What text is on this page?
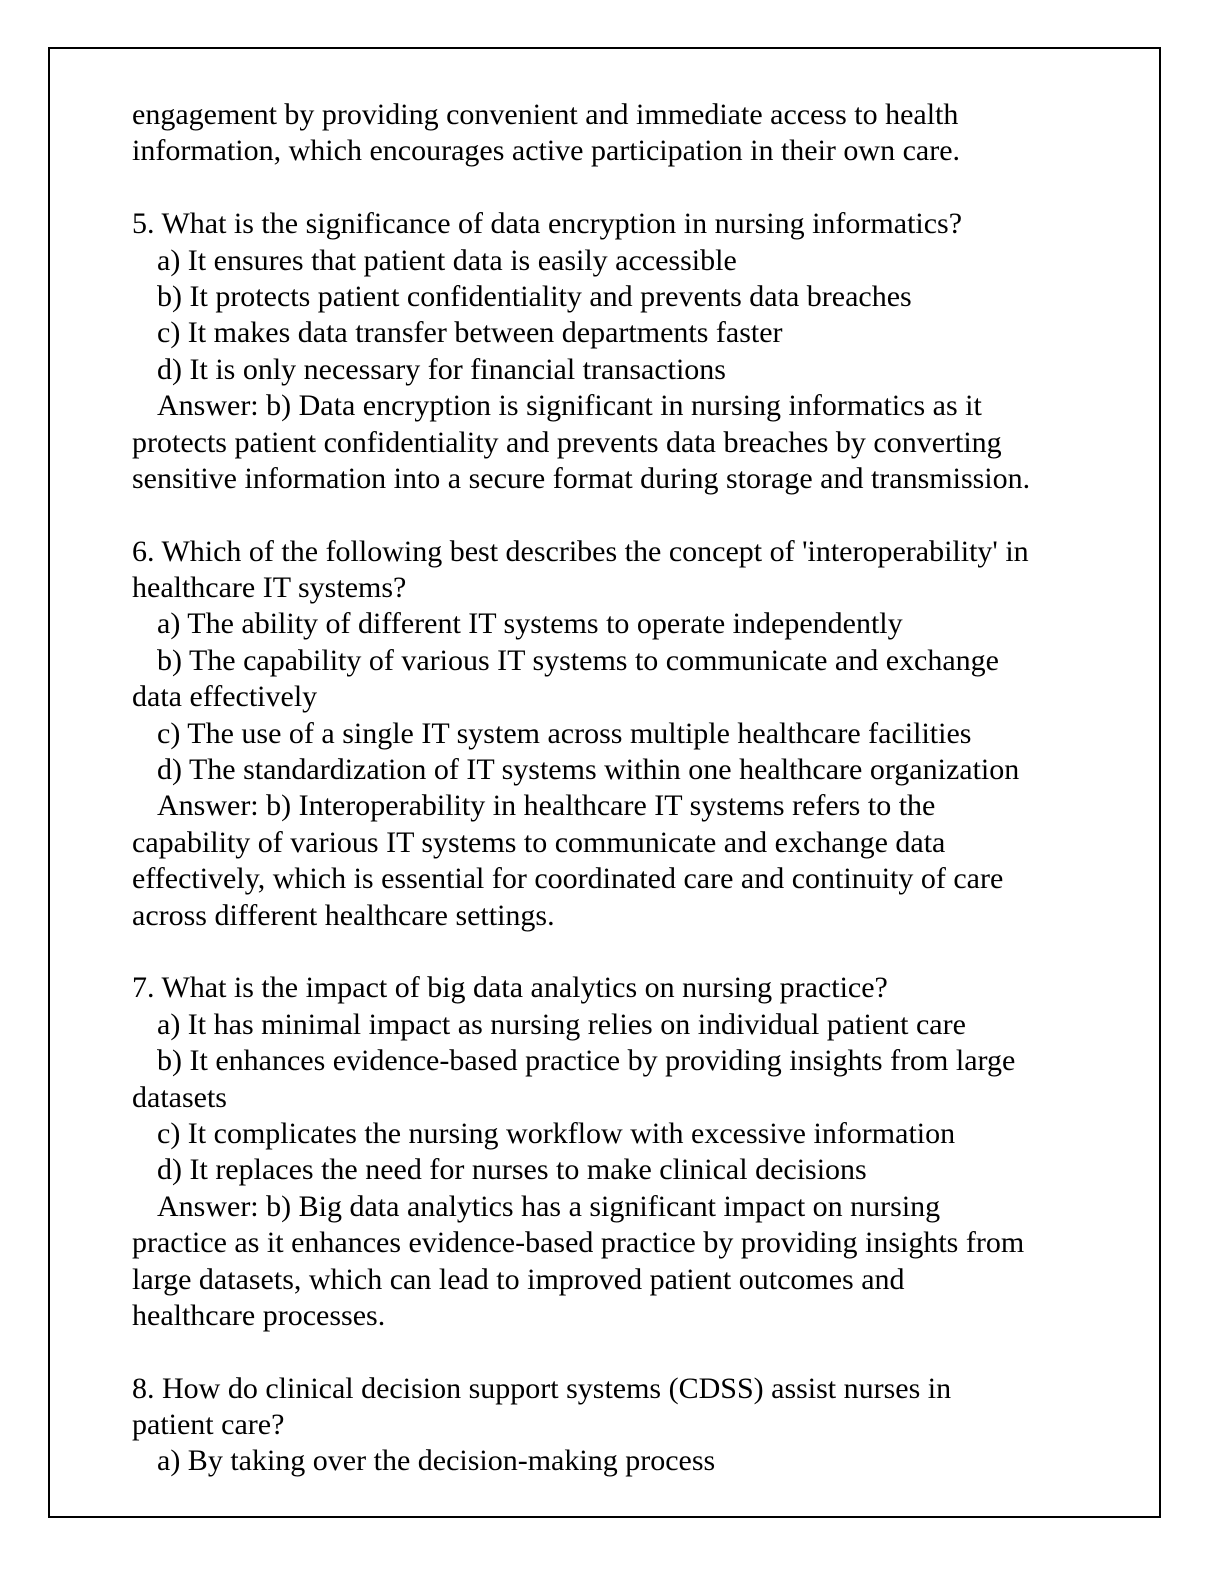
engagement by providing convenient and immediate access to health
information, which encourages active participation in their own care.
5. What is the significance of data encryption in nursing informatics?
a) It ensures that patient data is easily accessible
b) It protects patient confidentiality and prevents data breaches
c) It makes data transfer between departments faster
d) It is only necessary for financial transactions
Answer: b) Data encryption is significant in nursing informatics as it
protects patient confidentiality and prevents data breaches by converting
sensitive information into a secure format during storage and transmission.
6. Which of the following best describes the concept of 'interoperability' in
healthcare IT systems?
a) The ability of different IT systems to operate independently
b) The capability of various IT systems to communicate and exchange
data effectively
c) The use of a single IT system across multiple healthcare facilities
d) The standardization of IT systems within one healthcare organization
Answer: b) Interoperability in healthcare IT systems refers to the
capability of various IT systems to communicate and exchange data
effectively, which is essential for coordinated care and continuity of care
across different healthcare settings.
7. What is the impact of big data analytics on nursing practice?
a) It has minimal impact as nursing relies on individual patient care
b) It enhances evidence-based practice by providing insights from large
datasets
c) It complicates the nursing workflow with excessive information
d) It replaces the need for nurses to make clinical decisions
Answer: b) Big data analytics has a significant impact on nursing
practice as it enhances evidence-based practice by providing insights from
large datasets, which can lead to improved patient outcomes and
healthcare processes.
8. How do clinical decision support systems (CDSS) assist nurses in
patient care?
a) By taking over the decision-making process
